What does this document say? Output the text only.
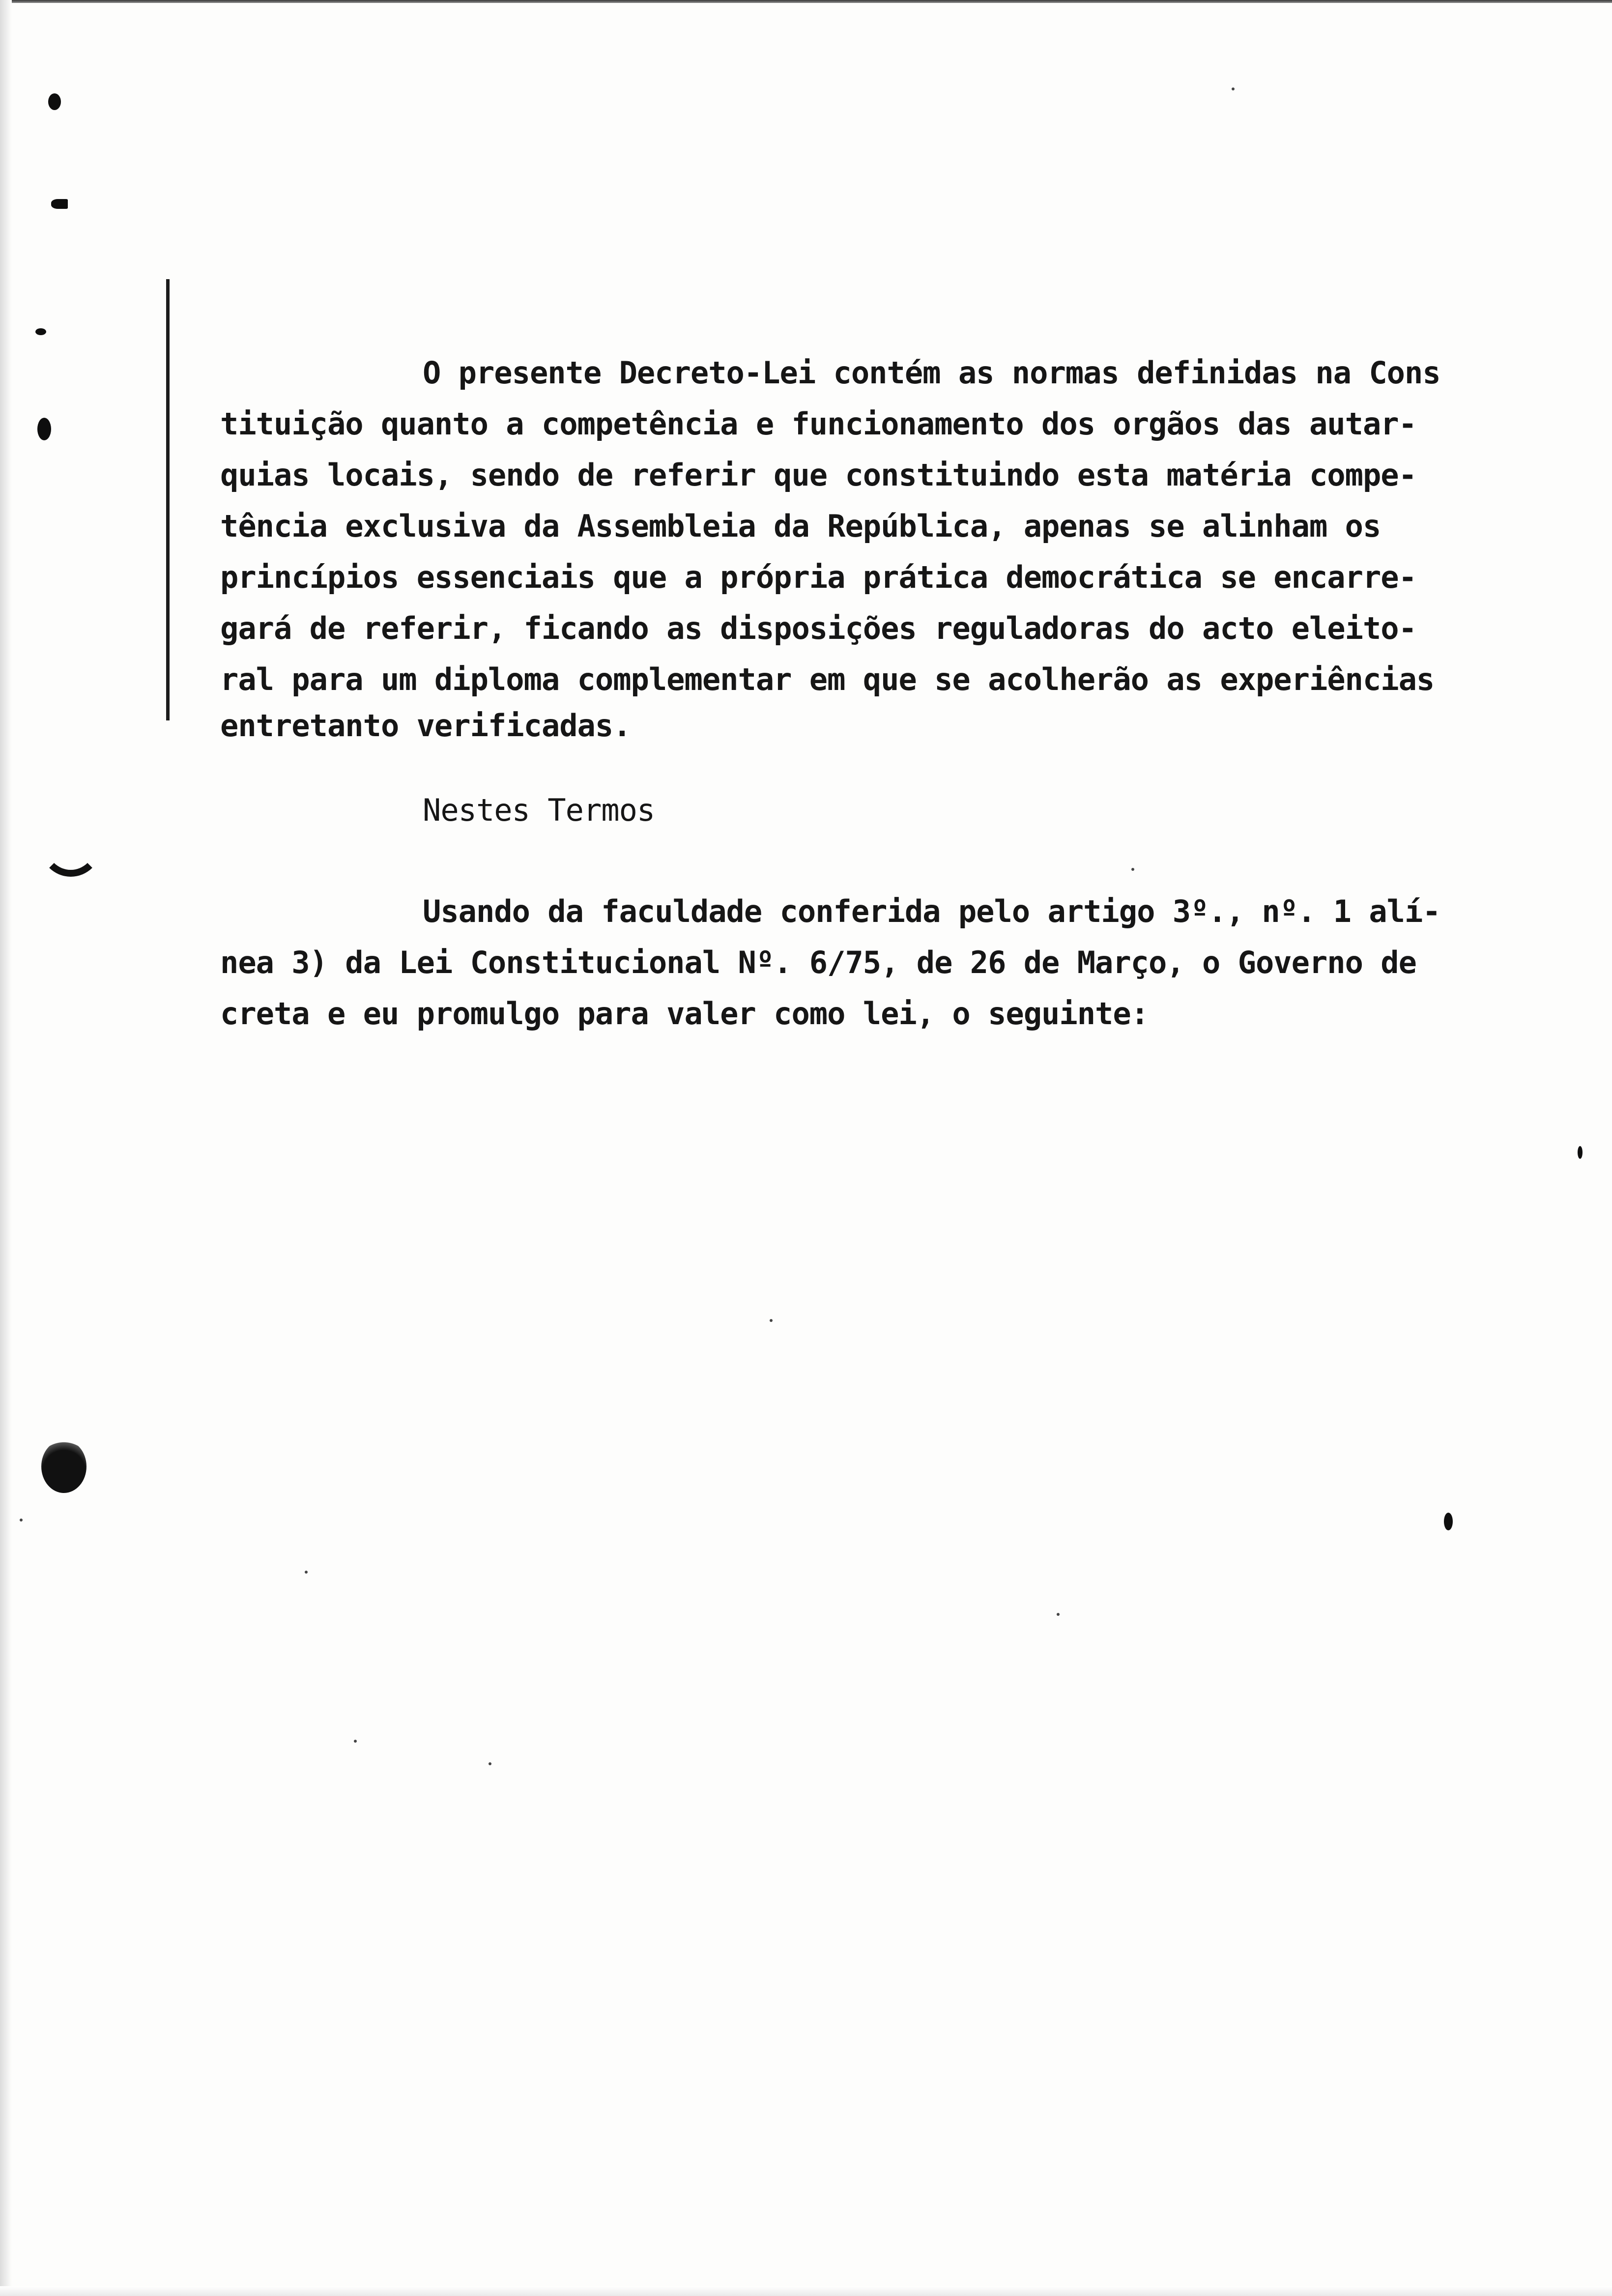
O presente Decreto-Lei contém as normas definidas na Cons
tituição quanto a competência e funcionamento dos orgãos das autar-
quias locais, sendo de referir que constituindo esta matéria compe-
tência exclusiva da Assembleia da República, apenas se alinham os
princípios essenciais que a própria prática democrática se encarre-
gará de referir, ficando as disposições reguladoras do acto eleito-
ral para um diploma complementar em que se acolherão as experiências
entretanto verificadas.
Nestes Termos
Usando da faculdade conferida pelo artigo 3º., nº. 1 alí-
nea 3) da Lei Constitucional Nº. 6/75, de 26 de Março, o Governo de
creta e eu promulgo para valer como lei, o seguinte:
